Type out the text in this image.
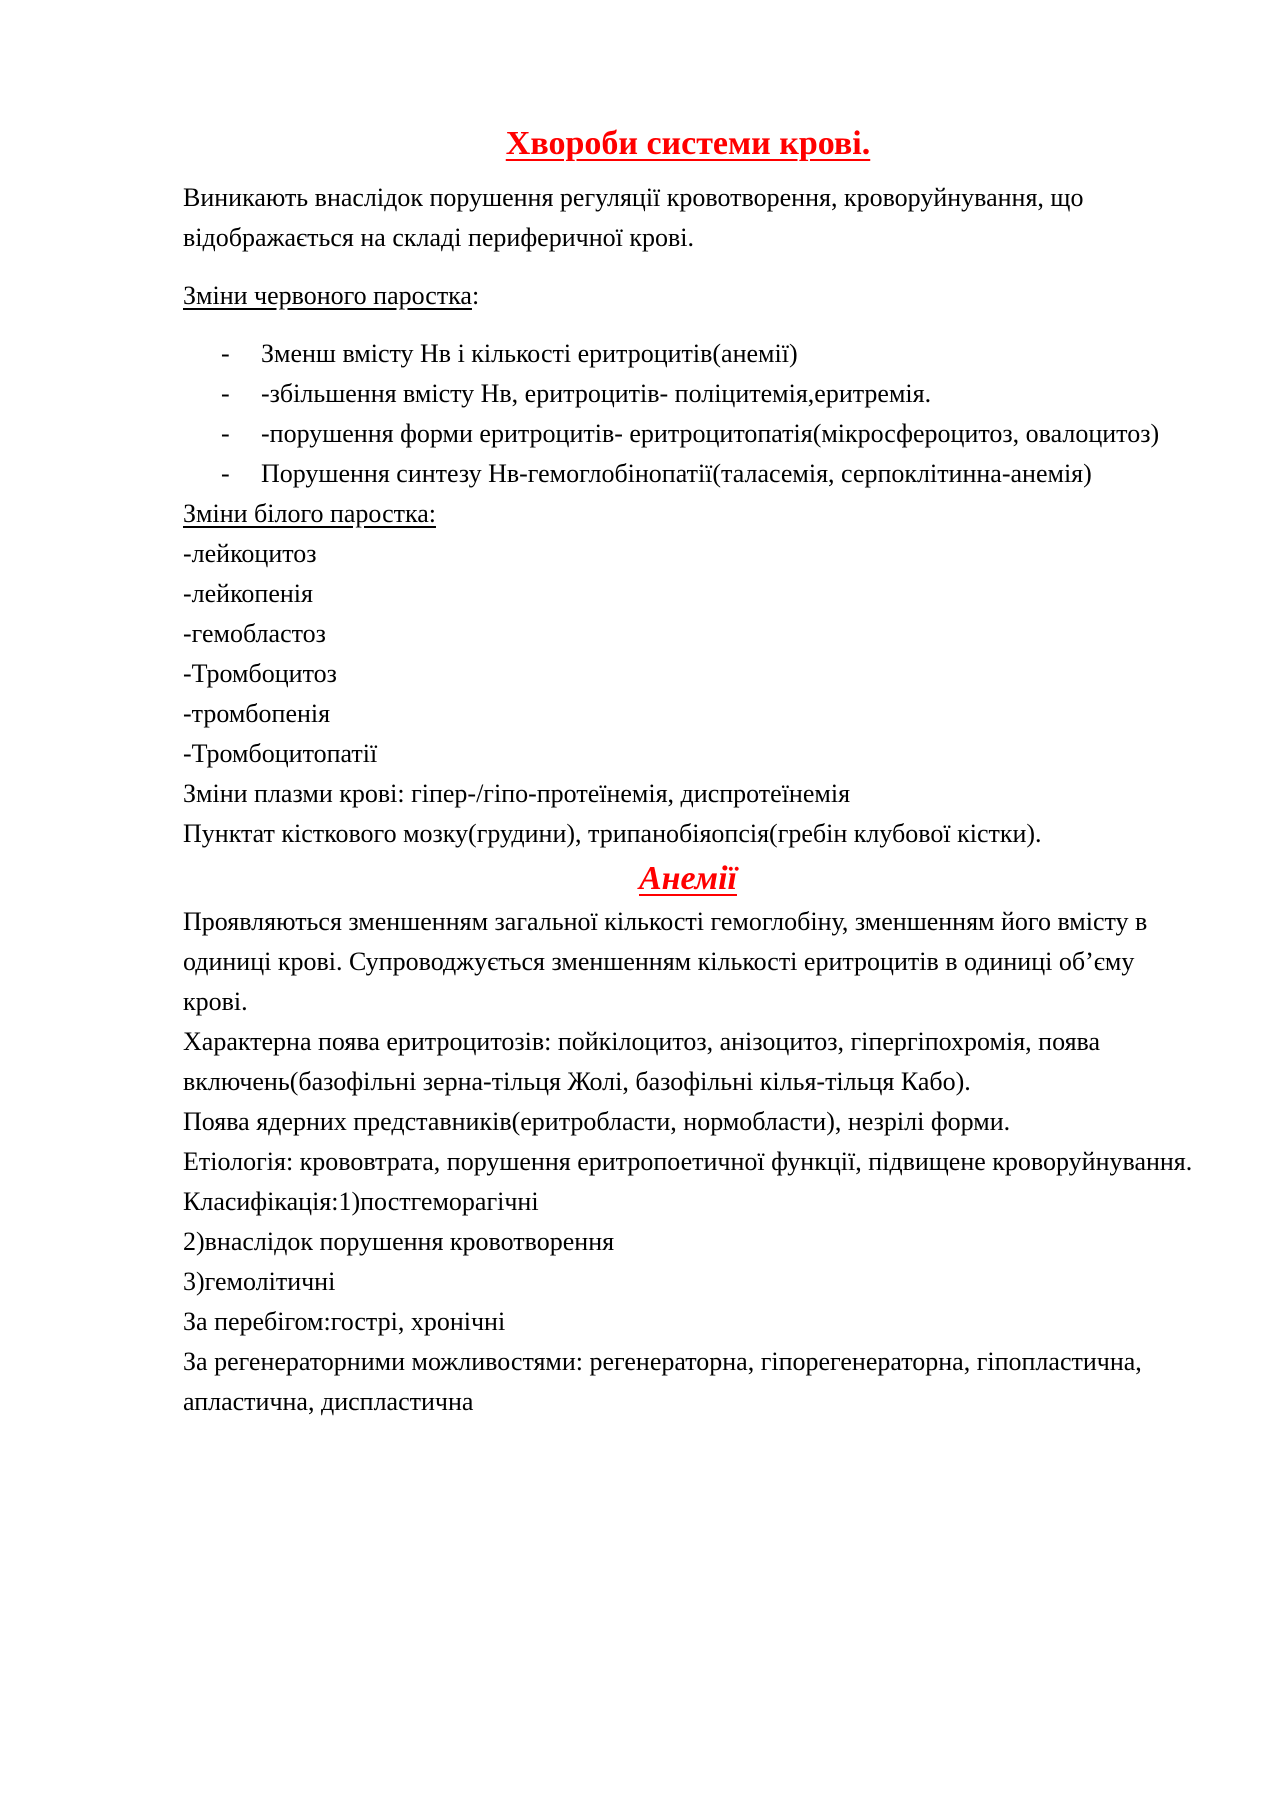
Хвороби системи крові.

Виникають внаслідок порушення регуляції кровотворення, кроворуйнування, що відображається на складі периферичної крові.

Зміни червоного паростка:

- Зменш вмісту Нв і кількості еритроцитів(анемії)
- -збільшення вмісту Нв, еритроцитів- поліцитемія,еритремія.
- -порушення форми еритроцитів- еритроцитопатія(мікросфероцитоз, овалоцитоз)
- Порушення синтезу Нв-гемоглобінопатії(таласемія, серпоклітинна-анемія)

Зміни білого паростка:

-лейкоцитоз

-лейкопенія

-гемобластоз

-Тромбоцитоз

-тромбопенія

-Тромбоцитопатії

Зміни плазми крові: гіпер-/гіпо-протеїнемія, диспротеїнемія

Пунктат кісткового мозку(грудини), трипанобіяопсія(гребін клубової кістки).

Анемії

Проявляються зменшенням загальної кількості гемоглобіну, зменшенням його вмісту в одиниці крові. Супроводжується зменшенням кількості еритроцитів в одиниці об’єму крові.

Характерна поява еритроцитозів: пойкілоцитоз, анізоцитоз, гіпергіпохромія, поява включень(базофільні зерна-тільця Жолі, базофільні кілья-тільця Кабо).

Поява ядерних представників(еритробласти, нормобласти), незрілі форми.

Етіологія: крововтрата, порушення еритропоетичної функції, підвищене кроворуйнування.

Класифікація:1)постгеморагічні

2)внаслідок порушення кровотворення

3)гемолітичні

За перебігом:гострі, хронічні

За регенераторними можливостями: регенераторна, гіпорегенераторна, гіпопластична, апластична, диспластична
